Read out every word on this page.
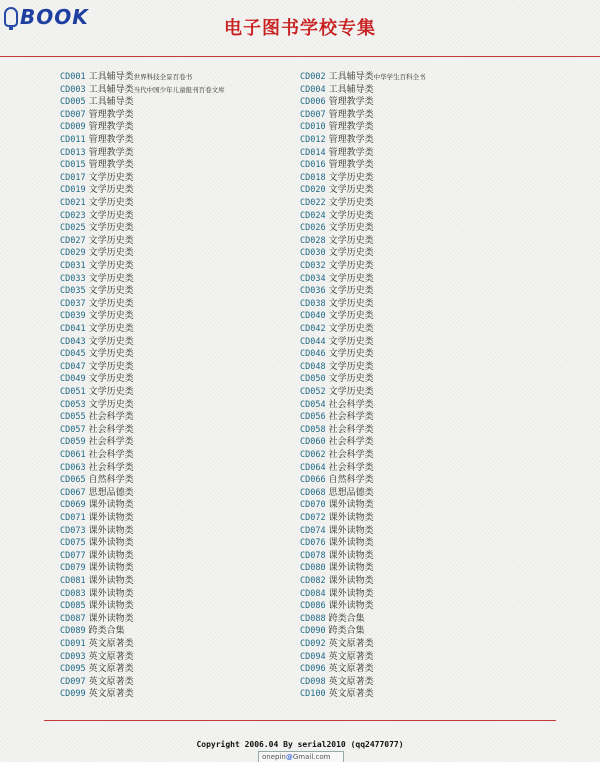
BOOK	电子图书学校专集
CD001 工具辅导类世界科技全景百卷书
CD003 工具辅导类当代中国少年儿童报刊百卷文库
CD005 工具辅导类
CD007 管理教学类
CD009 管理教学类
CD011 管理教学类
CD013 管理教学类
CD015 管理教学类
CD017 文学历史类
CD019 文学历史类
CD021 文学历史类
CD023 文学历史类
CD025 文学历史类
CD027 文学历史类
CD029 文学历史类
CD031 文学历史类
CD033 文学历史类
CD035 文学历史类
CD037 文学历史类
CD039 文学历史类
CD041 文学历史类
CD043 文学历史类
CD045 文学历史类
CD047 文学历史类
CD049 文学历史类
CD051 文学历史类
CD053 文学历史类
CD055 社会科学类
CD057 社会科学类
CD059 社会科学类
CD061 社会科学类
CD063 社会科学类
CD065 自然科学类
CD067 思想品德类
CD069 课外读物类
CD071 课外读物类
CD073 课外读物类
CD075 课外读物类
CD077 课外读物类
CD079 课外读物类
CD081 课外读物类
CD083 课外读物类
CD085 课外读物类
CD087 课外读物类
CD089 跨类合集
CD091 英文原著类
CD093 英文原著类
CD095 英文原著类
CD097 英文原著类
CD099 英文原著类
CD002 工具辅导类中华学生百科全书
CD004 工具辅导类
CD006 管理教学类
CD007 管理教学类
CD010 管理教学类
CD012 管理教学类
CD014 管理教学类
CD016 管理教学类
CD018 文学历史类
CD020 文学历史类
CD022 文学历史类
CD024 文学历史类
CD026 文学历史类
CD028 文学历史类
CD030 文学历史类
CD032 文学历史类
CD034 文学历史类
CD036 文学历史类
CD038 文学历史类
CD040 文学历史类
CD042 文学历史类
CD044 文学历史类
CD046 文学历史类
CD048 文学历史类
CD050 文学历史类
CD052 文学历史类
CD054 社会科学类
CD056 社会科学类
CD058 社会科学类
CD060 社会科学类
CD062 社会科学类
CD064 社会科学类
CD066 自然科学类
CD068 思想品德类
CD070 课外读物类
CD072 课外读物类
CD074 课外读物类
CD076 课外读物类
CD078 课外读物类
CD080 课外读物类
CD082 课外读物类
CD084 课外读物类
CD086 课外读物类
CD088 跨类合集
CD090 跨类合集
CD092 英文原著类
CD094 英文原著类
CD096 英文原著类
CD098 英文原著类
CD100 英文原著类
Copyright 2006.04 By serial2010 (qq2477077)
onepin@Gmail.com
